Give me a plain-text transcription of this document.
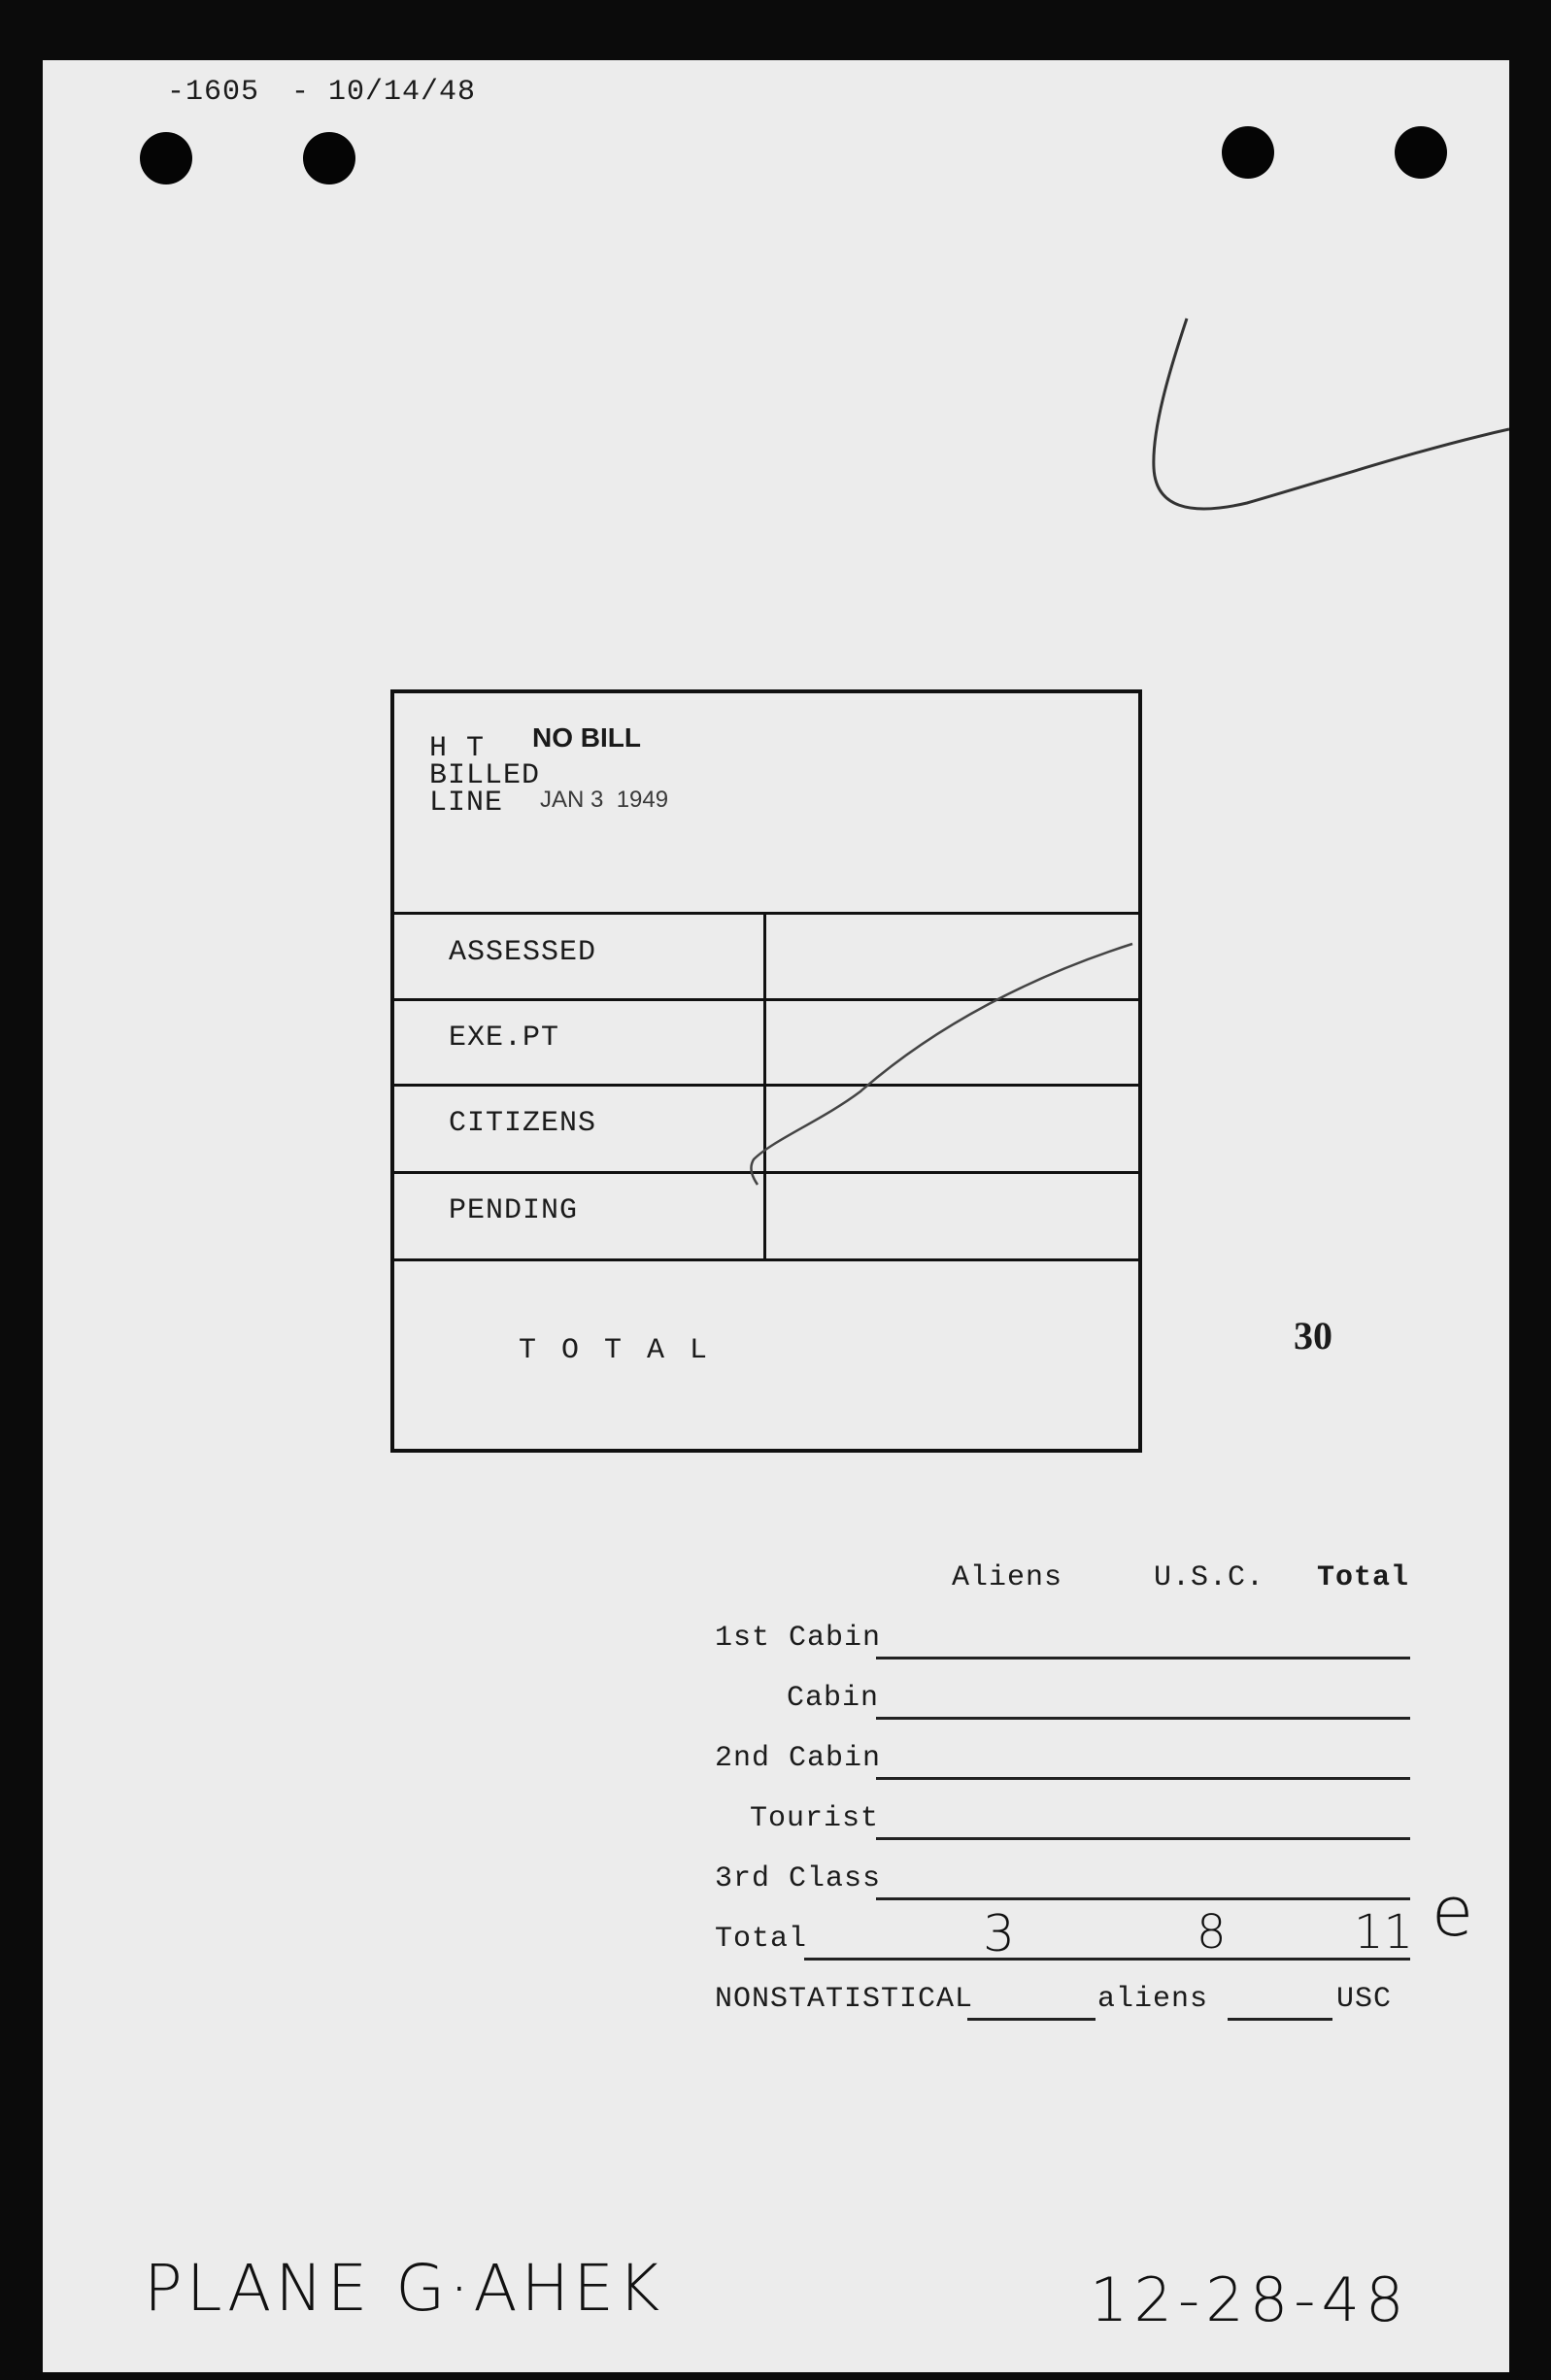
-1605 - 10/14/48
H T
BILLED
LINE
NO BILL
JAN 3  1949
ASSESSED
EXE.PT
CITIZENS
PENDING
T O T A L	30
Aliens	U.S.C. Total
1st Cabin
Cabin
2nd Cabin
Tourist
3rd Class
Total	3	8	11 e
NONSTATISTICAL	aliens	USC
PLANE G·AHEK	12-28-48
